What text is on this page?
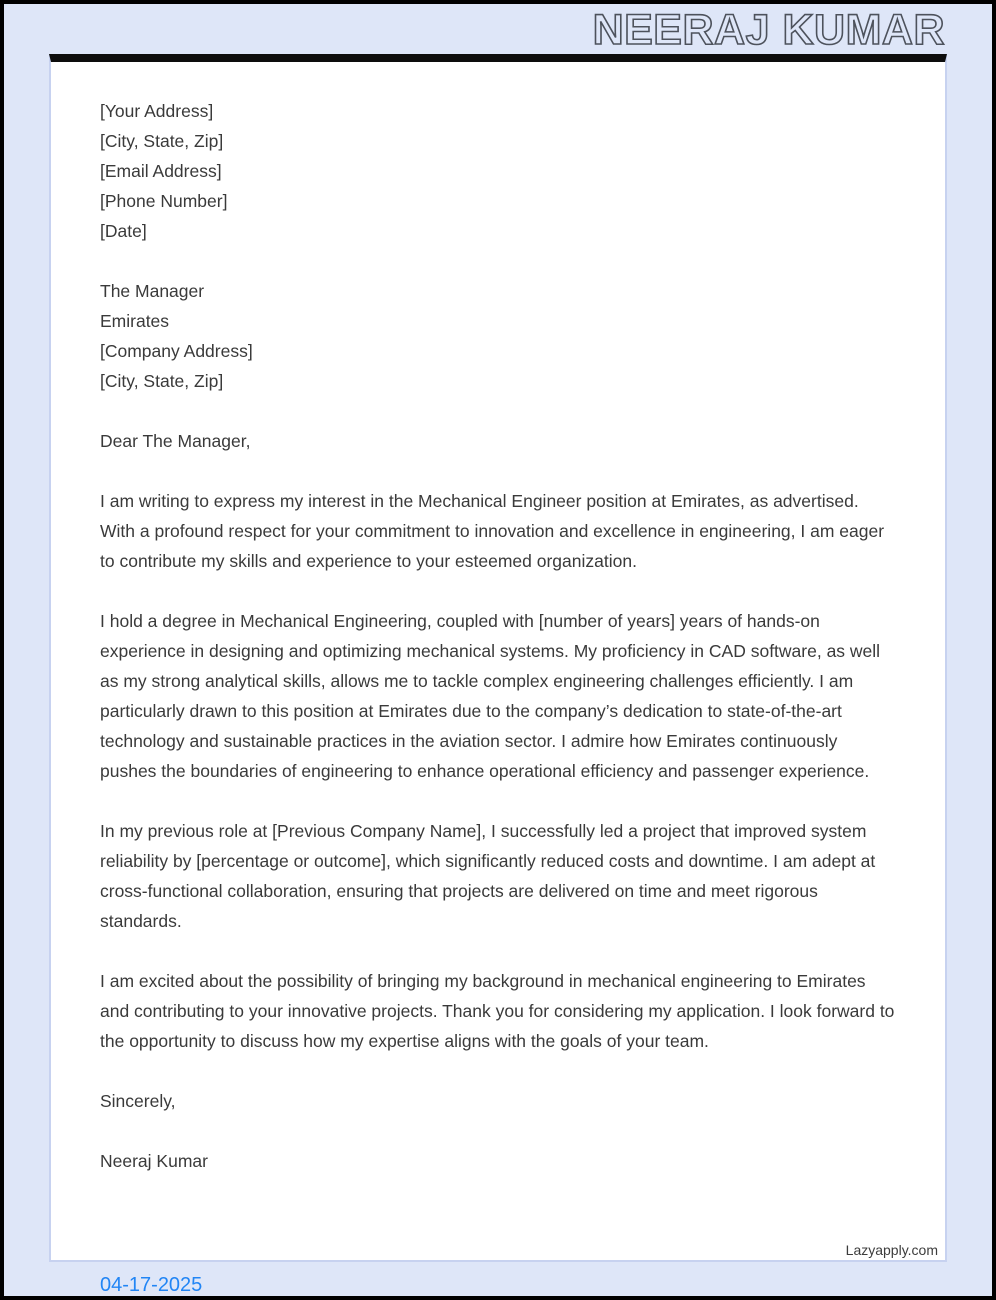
NEERAJ KUMAR
[Your Address]
[City, State, Zip]
[Email Address]
[Phone Number]
[Date]
The Manager
Emirates
[Company Address]
[City, State, Zip]
Dear The Manager,
I am writing to express my interest in the Mechanical Engineer position at Emirates, as advertised. With a profound respect for your commitment to innovation and excellence in engineering, I am eager to contribute my skills and experience to your esteemed organization.
I hold a degree in Mechanical Engineering, coupled with [number of years] years of hands-on experience in designing and optimizing mechanical systems. My proficiency in CAD software, as well as my strong analytical skills, allows me to tackle complex engineering challenges efficiently. I am particularly drawn to this position at Emirates due to the company’s dedication to state-of-the-art technology and sustainable practices in the aviation sector. I admire how Emirates continuously pushes the boundaries of engineering to enhance operational efficiency and passenger experience.
In my previous role at [Previous Company Name], I successfully led a project that improved system reliability by [percentage or outcome], which significantly reduced costs and downtime. I am adept at cross-functional collaboration, ensuring that projects are delivered on time and meet rigorous standards.
I am excited about the possibility of bringing my background in mechanical engineering to Emirates and contributing to your innovative projects. Thank you for considering my application. I look forward to the opportunity to discuss how my expertise aligns with the goals of your team.
Sincerely,
Neeraj Kumar
Lazyapply.com
04-17-2025
